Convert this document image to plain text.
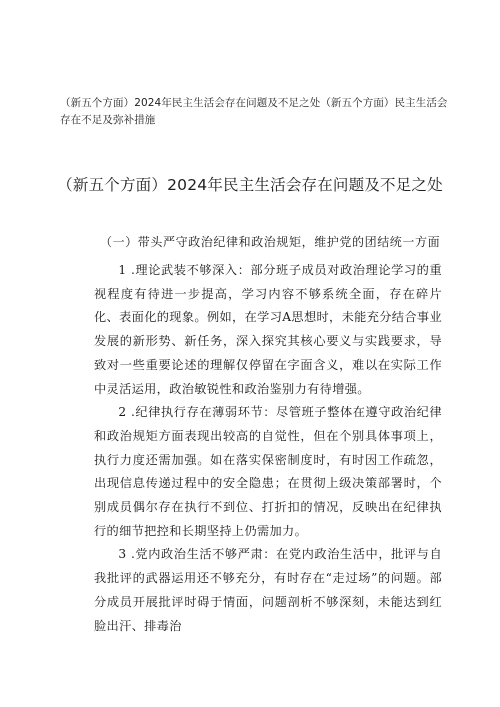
（新五个方面）2024年民主生活会存在问题及不足之处（新五个方面）民主生活会存在不足及弥补措施
（新五个方面）2024年民主生活会存在问题及不足之处
（一）带头严守政治纪律和政治规矩，维护党的团结统一方面

1 .理论武装不够深入：部分班子成员对政治理论学习的重视程度有待进一步提高，学习内容不够系统全面，存在碎片化、表面化的现象。例如，在学习A思想时，未能充分结合事业发展的新形势、新任务，深入探究其核心要义与实践要求，导致对一些重要论述的理解仅停留在字面含义，难以在实际工作中灵活运用，政治敏锐性和政治鉴别力有待增强。

2 .纪律执行存在薄弱环节：尽管班子整体在遵守政治纪律和政治规矩方面表现出较高的自觉性，但在个别具体事项上，执行力度还需加强。如在落实保密制度时，有时因工作疏忽，出现信息传递过程中的安全隐患；在贯彻上级决策部署时，个别成员偶尔存在执行不到位、打折扣的情况，反映出在纪律执行的细节把控和长期坚持上仍需加力。

3 .党内政治生活不够严肃：在党内政治生活中，批评与自我批评的武器运用还不够充分，有时存在“走过场”的问题。部分成员开展批评时碍于情面，问题剖析不够深刻，未能达到红脸出汗、排毒治
